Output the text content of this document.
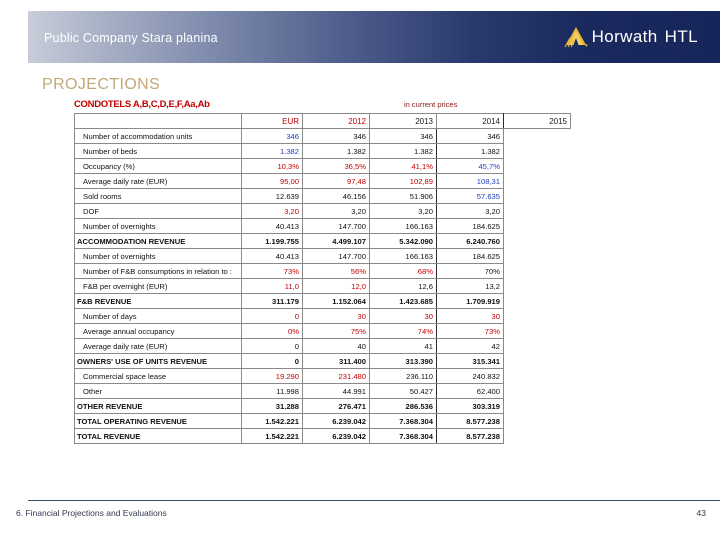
Public Company Stara planina	Horwath HTL
PROJECTIONS
CONDOTELS A,B,C,D,E,F,Aa,Ab	in current prices
	EUR	2012	2013	2014	2015
Number of accommodation units	346	346	346	346	
Number of beds	1.382	1.382	1.382	1.382	
Occupancy (%)	10,3%	36,5%	41,1%	45,7%	
Average daily rate (EUR)	95,00	97,48	102,89	108,31	
Sold rooms	12.639	46.156	51.906	57.635	
DOF	3,20	3,20	3,20	3,20	
Number of overnights	40.413	147.700	166.163	184.625	
ACCOMMODATION REVENUE	1.199.755	4.499.107	5.342.090	6.240.760	
Number of overnights	40.413	147.700	166.163	184.625	
Number of F&B consumptions in relation to :	73%	56%	68%	70%	
F&B per overnight (EUR)	11,0	12,0	12,6	13,2	
F&B REVENUE	311.179	1.152.064	1.423.685	1.709.919	
Number of days	0	30	30	30	
Average annual occupancy	0%	75%	74%	73%	
Average daily rate (EUR)	0	40	41	42	
OWNERS' USE OF UNITS REVENUE	0	311.400	313.390	315.341	
Commercial space lease	19.290	231.480	236.110	240.832	
Other	11.998	44.991	50.427	62.400	
OTHER REVENUE	31.288	276.471	286.536	303.319	
TOTAL OPERATING REVENUE	1.542.221	6.239.042	7.368.304	8.577.238	
TOTAL REVENUE	1.542.221	6.239.042	7.368.304	8.577.238	
6. Financial Projections and Evaluations	43
